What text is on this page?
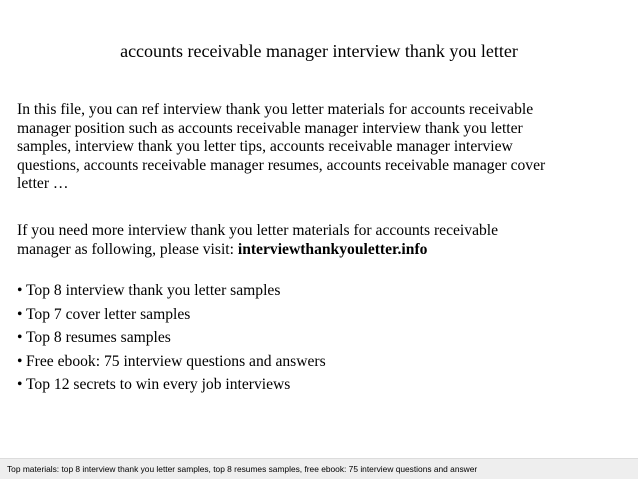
accounts receivable manager interview thank you letter
In this file, you can ref interview thank you letter materials for accounts receivable
manager position such as accounts receivable manager interview thank you letter
samples, interview thank you letter tips, accounts receivable manager interview
questions, accounts receivable manager resumes, accounts receivable manager cover
letter …
If you need more interview thank you letter materials for accounts receivable
manager as following, please visit: interviewthankyouletter.info
• Top 8 interview thank you letter samples
• Top 7 cover letter samples
• Top 8 resumes samples
• Free ebook: 75 interview questions and answers
• Top 12 secrets to win every job interviews
Top materials: top 8 interview thank you letter samples, top 8 resumes samples, free ebook: 75 interview questions and answer
